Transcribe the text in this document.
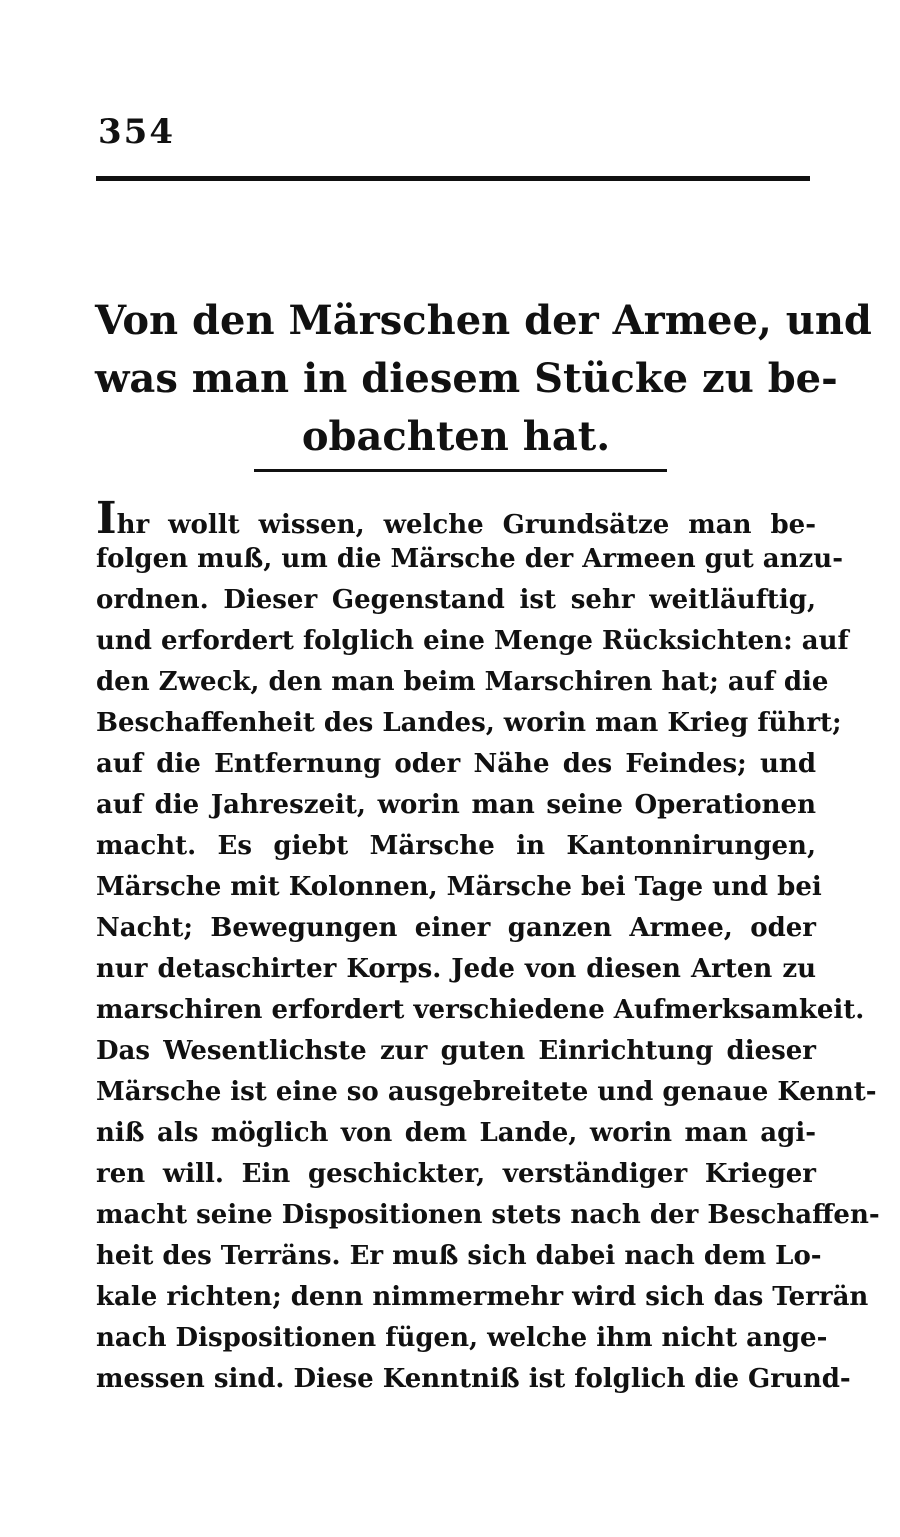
354
Von den Märschen der Armee, und
was man in diesem Stücke zu be-
obachten hat.
Ihr wollt wissen, welche Grundsätze man be-
folgen muß, um die Märsche der Armeen gut anzu-
ordnen. Dieser Gegenstand ist sehr weitläuftig,
und erfordert folglich eine Menge Rücksichten: auf
den Zweck, den man beim Marschiren hat; auf die
Beschaffenheit des Landes, worin man Krieg führt;
auf die Entfernung oder Nähe des Feindes; und
auf die Jahreszeit, worin man seine Operationen
macht. Es giebt Märsche in Kantonnirungen,
Märsche mit Kolonnen, Märsche bei Tage und bei
Nacht; Bewegungen einer ganzen Armee, oder
nur detaschirter Korps. Jede von diesen Arten zu
marschiren erfordert verschiedene Aufmerksamkeit.
Das Wesentlichste zur guten Einrichtung dieser
Märsche ist eine so ausgebreitete und genaue Kennt-
niß als möglich von dem Lande, worin man agi-
ren will. Ein geschickter, verständiger Krieger
macht seine Dispositionen stets nach der Beschaffen-
heit des Terräns. Er muß sich dabei nach dem Lo-
kale richten; denn nimmermehr wird sich das Terrän
nach Dispositionen fügen, welche ihm nicht ange-
messen sind. Diese Kenntniß ist folglich die Grund-
